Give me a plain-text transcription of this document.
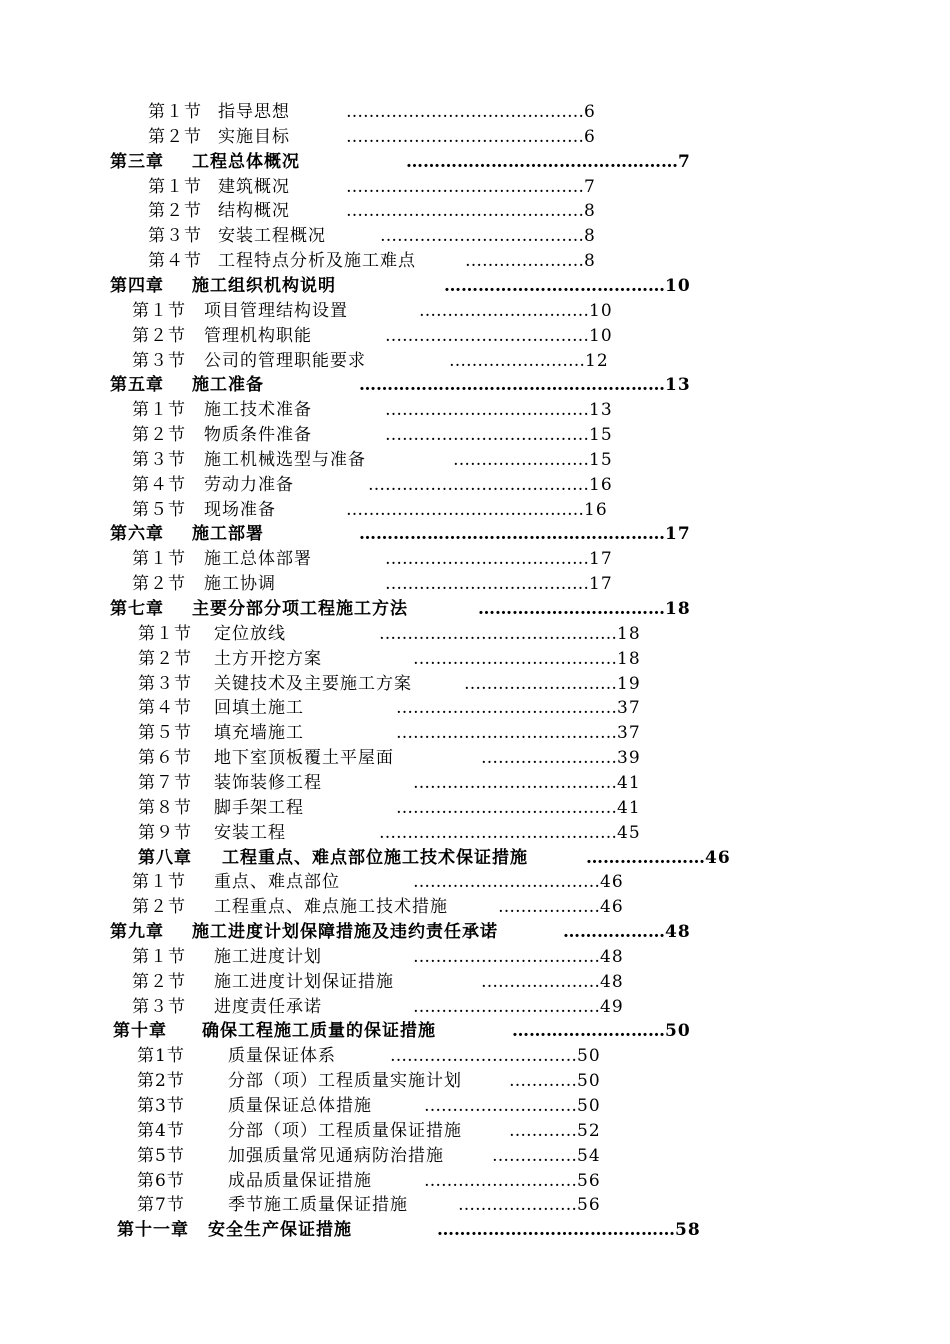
第１节 指导思想	……………………………………6
第２节 实施目标	……………………………………6
第三章 工程总体概况	…………………………………………7
第１节 建筑概况	……………………………………7
第２节 结构概况	……………………………………8
第３节 安装工程概况	………………………………8
第４节 工程特点分析及施工难点	…………………8
第四章 施工组织机构说明	…………………………………10
第１节 项目管理结构设置	…………………………10
第２节 管理机构职能	………………………………10
第３节 公司的管理职能要求	……………………12
第五章 施工准备	………………………………………………13
第１节 施工技术准备	………………………………13
第２节 物质条件准备	………………………………15
第３节 施工机械选型与准备	……………………15
第４节 劳动力准备	…………………………………16
第５节 现场准备	……………………………………16
第六章 施工部署	………………………………………………17
第１节 施工总体部署	………………………………17
第２节 施工协调	………………………………17
第七章 主要分部分项工程施工方法	……………………………18
第１节 定位放线	……………………………………18
第２节 土方开挖方案	………………………………18
第３节 关键技术及主要施工方案	………………………19
第４节 回填土施工	…………………………………37
第５节 填充墙施工	…………………………………37
第６节 地下室顶板覆土平屋面	……………………39
第７节 装饰装修工程	………………………………41
第８节 脚手架工程	…………………………………41
第９节 安装工程	……………………………………45
第八章 工程重点、难点部位施工技术保证措施	…………………46
第１节 重点、难点部位	……………………………46
第２节 工程重点、难点施工技术措施	………………46
第九章 施工进度计划保障措施及违约责任承诺	………………48
第１节 施工进度计划	……………………………48
第２节 施工进度计划保证措施	…………………48
第３节 进度责任承诺	……………………………49
第十章 确保工程施工质量的保证措施	………………………50
第1节	质量保证体系	……………………………50
第2节	分部（项）工程质量实施计划	…………50
第3节	质量保证总体措施	………………………50
第4节	分部（项）工程质量保证措施	…………52
第5节	加强质量常见通病防治措施	……………54
第6节	成品质量保证措施	………………………56
第7节	季节施工质量保证措施	…………………56
第十一章 安全生产保证措施	……………………………………58
